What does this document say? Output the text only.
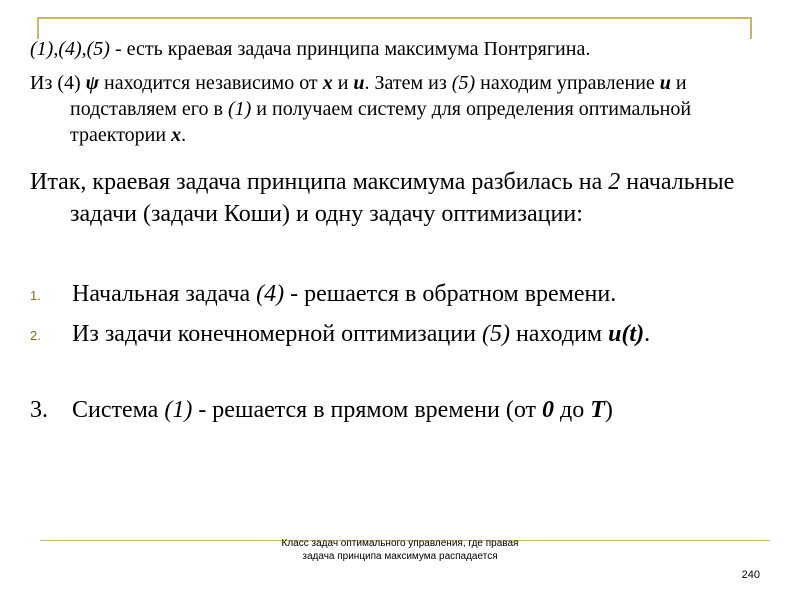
(1),(4),(5) - есть краевая задача принципа максимума Понтрягина.

Из (4) ψ находится независимо от x и u. Затем из (5) находим управление u и подставляем его в (1) и получаем систему для определения оптимальной траектории x.

Итак, краевая задача принципа максимума разбилась на 2 начальные задачи (задачи Коши) и одну задачу оптимизации:

1. Начальная задача (4) - решается в обратном времени.
2. Из задачи конечномерной оптимизации (5) находим u(t).
3. Система (1) - решается в прямом времени (от 0 до T)
Класс задач оптимального управления, где правая задача принципа максимума распадается
240
